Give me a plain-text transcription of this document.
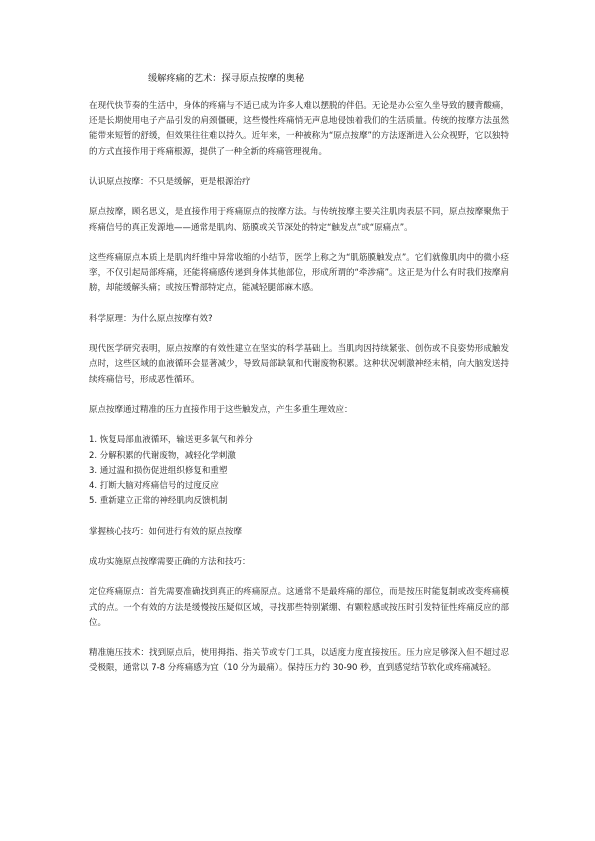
缓解疼痛的艺术：探寻原点按摩的奥秘

在现代快节奏的生活中，身体的疼痛与不适已成为许多人难以摆脱的伴侣。无论是办公室久坐导致的腰背酸痛，还是长期使用电子产品引发的肩颈僵硬，这些慢性疼痛悄无声息地侵蚀着我们的生活质量。传统的按摩方法虽然能带来短暂的舒缓，但效果往往难以持久。近年来，一种被称为“原点按摩”的方法逐渐进入公众视野，它以独特的方式直接作用于疼痛根源，提供了一种全新的疼痛管理视角。

认识原点按摩：不只是缓解，更是根源治疗

原点按摩，顾名思义，是直接作用于疼痛原点的按摩方法。与传统按摩主要关注肌肉表层不同，原点按摩聚焦于疼痛信号的真正发源地——通常是肌肉、筋膜或关节深处的特定“触发点”或“原痛点”。

这些疼痛原点本质上是肌肉纤维中异常收缩的小结节，医学上称之为“肌筋膜触发点”。它们就像肌肉中的微小痉挛，不仅引起局部疼痛，还能将痛感传递到身体其他部位，形成所谓的“牵涉痛”。这正是为什么有时我们按摩肩膀，却能缓解头痛；或按压臀部特定点，能减轻腿部麻木感。

科学原理：为什么原点按摩有效?

现代医学研究表明，原点按摩的有效性建立在坚实的科学基础上。当肌肉因持续紧张、创伤或不良姿势形成触发点时，这些区域的血液循环会显著减少，导致局部缺氧和代谢废物积累。这种状况刺激神经末梢，向大脑发送持续疼痛信号，形成恶性循环。

原点按摩通过精准的压力直接作用于这些触发点，产生多重生理效应：

1. 恢复局部血液循环，输送更多氧气和养分
2. 分解积累的代谢废物，减轻化学刺激
3. 通过温和损伤促进组织修复和重塑
4. 打断大脑对疼痛信号的过度反应
5. 重新建立正常的神经肌肉反馈机制
掌握核心技巧：如何进行有效的原点按摩

成功实施原点按摩需要正确的方法和技巧：

定位疼痛原点：首先需要准确找到真正的疼痛原点。这通常不是最疼痛的部位，而是按压时能复制或改变疼痛模式的点。一个有效的方法是缓慢按压疑似区域，寻找那些特别紧绷、有颗粒感或按压时引发特征性疼痛反应的部位。

精准施压技术：找到原点后，使用拇指、指关节或专门工具，以适度力度直接按压。压力应足够深入但不超过忍受极限，通常以 7-8 分疼痛感为宜（10 分为最痛）。保持压力约 30-90 秒，直到感觉结节软化或疼痛减轻。
